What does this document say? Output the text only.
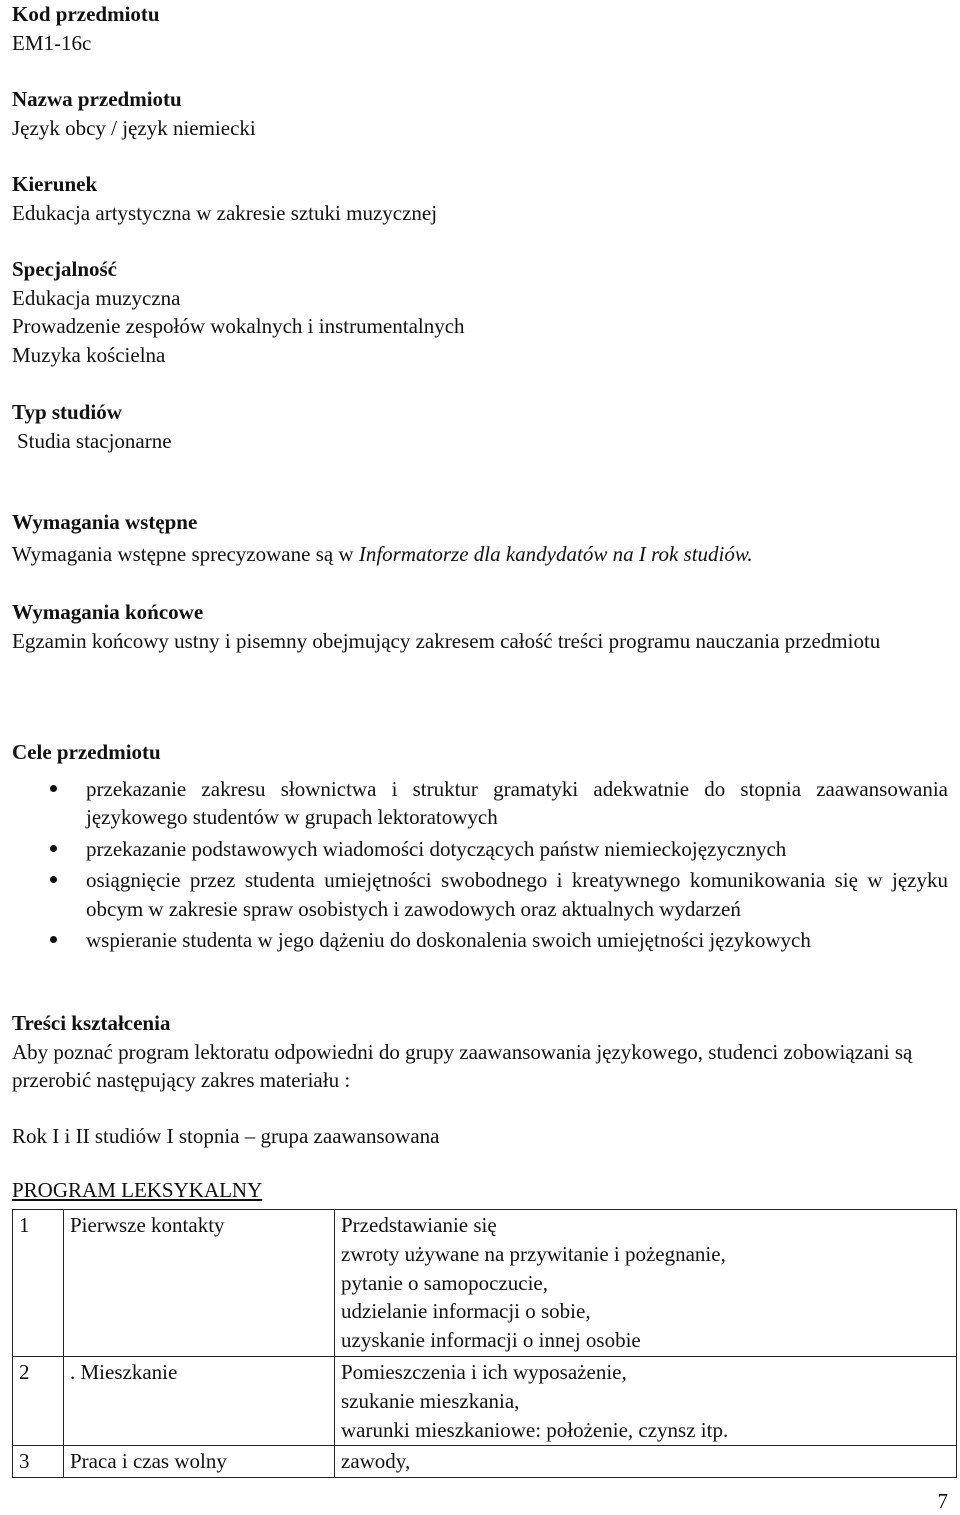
Kod przedmiotu
EM1-16c
Nazwa przedmiotu
Język obcy / język niemiecki
Kierunek
Edukacja artystyczna w zakresie sztuki muzycznej
Specjalność
Edukacja muzyczna
Prowadzenie zespołów wokalnych i instrumentalnych
Muzyka kościelna
Typ studiów
Studia stacjonarne
Wymagania wstępne
Wymagania wstępne sprecyzowane są w Informatorze dla kandydatów na I rok studiów.
Wymagania końcowe
Egzamin końcowy ustny i pisemny obejmujący zakresem całość treści programu nauczania przedmiotu
Cele przedmiotu
przekazanie zakresu słownictwa i struktur gramatyki adekwatnie do stopnia zaawansowania językowego studentów w grupach lektoratowych
przekazanie podstawowych wiadomości dotyczących państw niemieckojęzycznych
osiągnięcie przez studenta umiejętności swobodnego i kreatywnego komunikowania się w języku obcym w zakresie spraw osobistych i zawodowych oraz aktualnych wydarzeń
wspieranie studenta w jego dążeniu do doskonalenia swoich umiejętności językowych
Treści kształcenia
Aby poznać program lektoratu odpowiedni do grupy zaawansowania językowego, studenci zobowiązani są przerobić następujący zakres materiału :
Rok I i II studiów I stopnia – grupa zaawansowana
PROGRAM LEKSYKALNY
1	Pierwsze kontakty	Przedstawianie się
zwroty używane na przywitanie i pożegnanie,
pytanie o samopoczucie,
udzielanie informacji o sobie,
uzyskanie informacji o innej osobie

2	. Mieszkanie	Pomieszczenia i ich wyposażenie,
szukanie mieszkania,
warunki mieszkaniowe: położenie, czynsz itp.

3	Praca i czas wolny	zawody,
7
